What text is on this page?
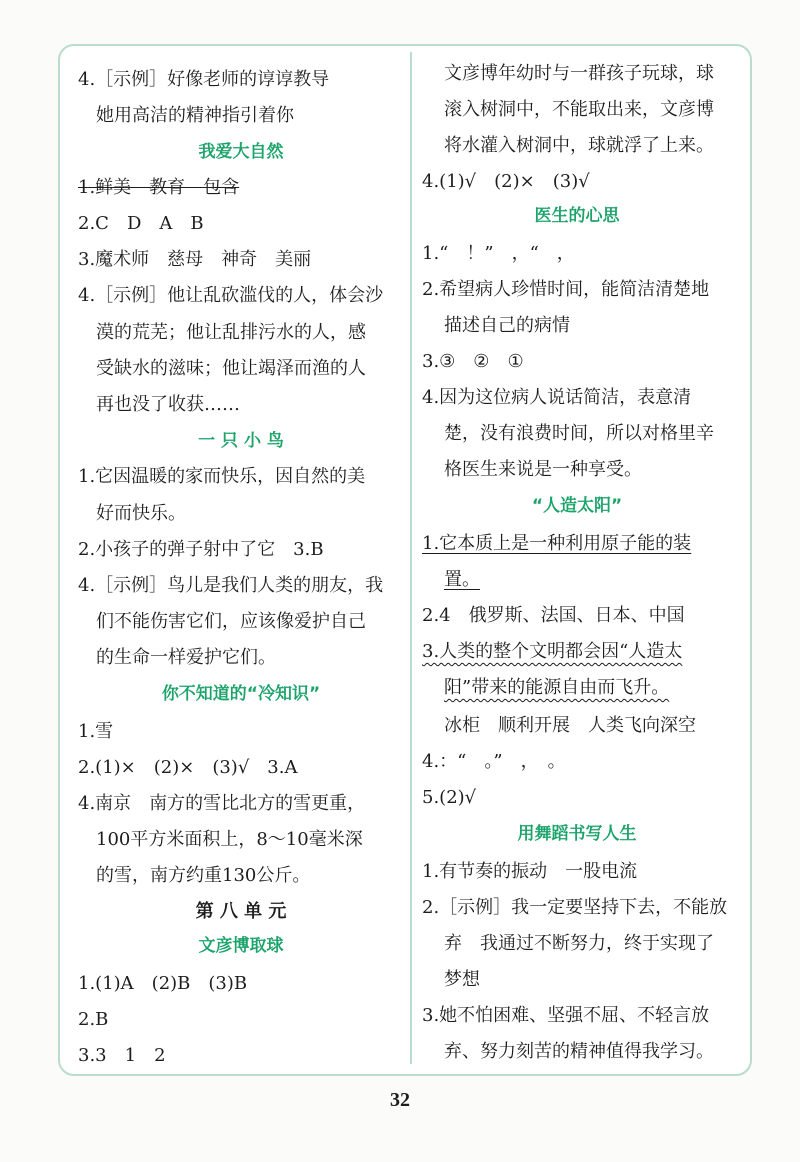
4.［示例］好像老师的谆谆教导
她用高洁的精神指引着你
我爱大自然
1.鲜美　教育　包含
2.C　D　A　B
3.魔术师　慈母　神奇　美丽
4.［示例］他让乱砍滥伐的人，体会沙
漠的荒芜；他让乱排污水的人，感
受缺水的滋味；他让竭泽而渔的人
再也没了收获……
一 只 小 鸟
1.它因温暖的家而快乐，因自然的美
好而快乐。
2.小孩子的弹子射中了它　3.B
4.［示例］鸟儿是我们人类的朋友，我
们不能伤害它们，应该像爱护自己
的生命一样爱护它们。
你不知道的“冷知识”
1.雪
2.(1)×　(2)×　(3)√　3.A
4.南京　南方的雪比北方的雪更重，
100平方米面积上，8～10毫米深
的雪，南方约重130公斤。
第 八 单 元
文彦博取球
1.(1)A　(2)B　(3)B
2.B
3.3　1　2
文彦博年幼时与一群孩子玩球，球
滚入树洞中，不能取出来，文彦博
将水灌入树洞中，球就浮了上来。
4.(1)√　(2)×　(3)√
医生的心思
1.“　！”　，“　，
2.希望病人珍惜时间，能简洁清楚地
描述自己的病情
3.③　②　①
4.因为这位病人说话简洁，表意清
楚，没有浪费时间，所以对格里辛
格医生来说是一种享受。
“人造太阳”
1.它本质上是一种利用原子能的装
置。
2.4　俄罗斯、法国、日本、中国
3.人类的整个文明都会因“人造太
阳”带来的能源自由而飞升。
冰柜　顺利开展　人类飞向深空
4.：“　。”　，　。
5.(2)√
用舞蹈书写人生
1.有节奏的振动　一股电流
2.［示例］我一定要坚持下去，不能放
弃　我通过不断努力，终于实现了
梦想
3.她不怕困难、坚强不屈、不轻言放
弃、努力刻苦的精神值得我学习。
32
